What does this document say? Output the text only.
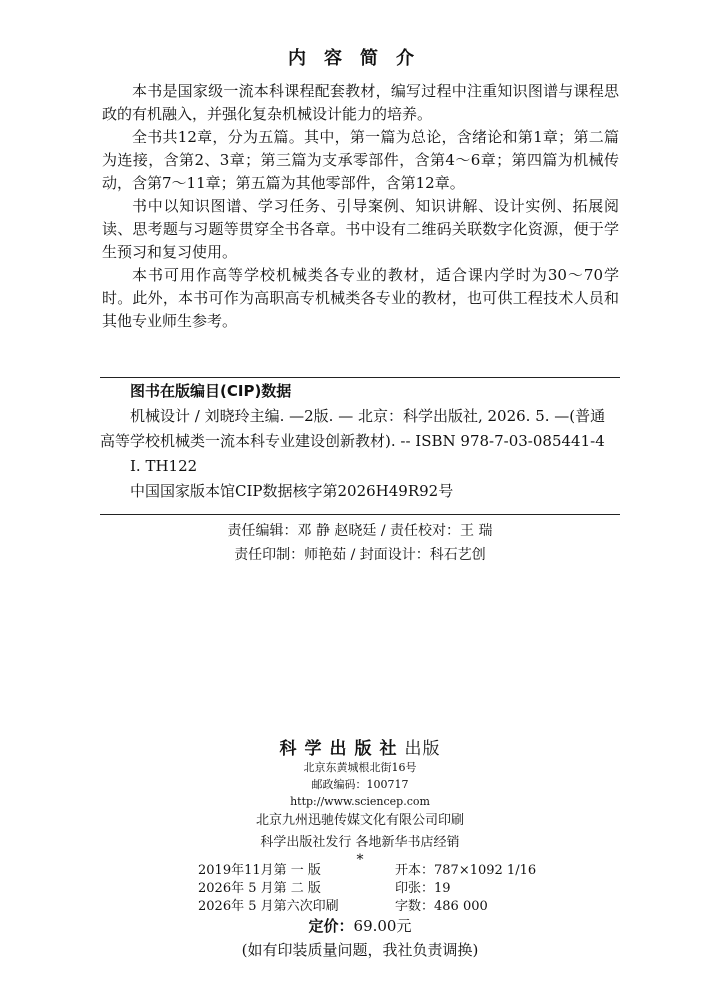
内容简介

本书是国家级一流本科课程配套教材，编写过程中注重知识图谱与课程思政的有机融入，并强化复杂机械设计能力的培养。

全书共12章，分为五篇。其中，第一篇为总论，含绪论和第1章；第二篇为连接，含第2、3章；第三篇为支承零部件，含第4～6章；第四篇为机械传动，含第7～11章；第五篇为其他零部件，含第12章。

书中以知识图谱、学习任务、引导案例、知识讲解、设计实例、拓展阅读、思考题与习题等贯穿全书各章。书中设有二维码关联数字化资源，便于学生预习和复习使用。

本书可用作高等学校机械类各专业的教材，适合课内学时为30～70学时。此外，本书可作为高职高专机械类各专业的教材，也可供工程技术人员和其他专业师生参考。

图书在版编目(CIP)数据
机械设计 / 刘晓玲主编. —2版. — 北京：科学出版社, 2026. 5. —(普通高等学校机械类一流本科专业建设创新教材). -- ISBN 978-7-03-085441-4
Ⅰ. TH122
中国国家版本馆CIP数据核字第2026H49R92号
责任编辑：邓 静 赵晓廷 / 责任校对：王 瑞
责任印制：师艳茹 / 封面设计：科石艺创
科学出版社出版
北京东黄城根北街16号
邮政编码：100717
http://www.sciencep.com
北京九州迅驰传媒文化有限公司印刷
科学出版社发行 各地新华书店经销
*
2019年11月第 一 版	开本：787×1092 1/16
2026年 5 月第 二 版	印张：19
2026年 5 月第六次印刷	字数：486 000
定价：69.00元
(如有印装质量问题，我社负责调换)
